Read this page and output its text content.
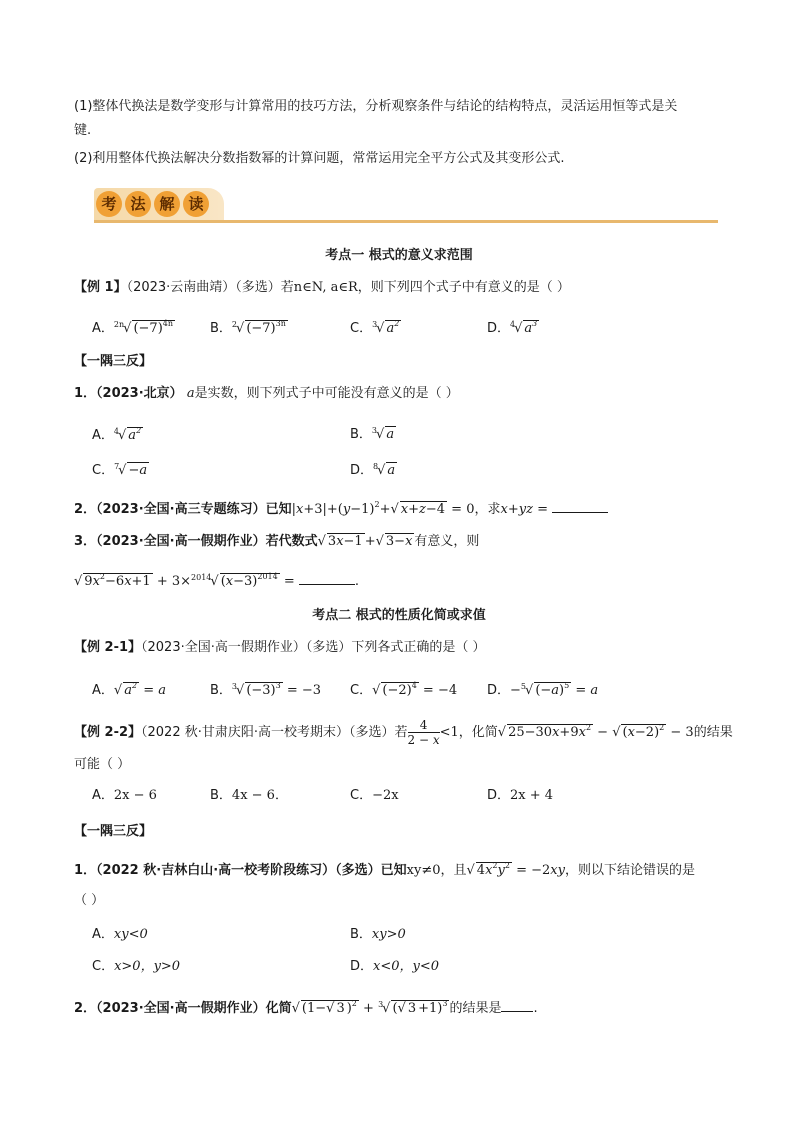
(1)整体代换法是数学变形与计算常用的技巧方法，分析观察条件与结论的结构特点，灵活运用恒等式是关
键.
(2)利用整体代换法解决分数指数幂的计算问题，常常运用完全平方公式及其变形公式.
考 法 解 读
考点一 根式的意义求范围
【例 1】（2023·云南曲靖）（多选）若n∈N, a∈R，则下列四个式子中有意义的是（ ）
A．$^{2n}$√ $(-7)^{4n}$	B．$^2$√ $(-7)^{3n}$	C．$^3$√ $a^2$	D．$^4$√ $a^3$
【一隅三反】
1．（2023·北京） a是实数，则下列式子中可能没有意义的是（ ）
A．$^4$√ $a^2$	B．$^3$√ a
C．$^7$√ −a	D．$^8$√ a
2．（2023·全国·高三专题练习）已知$|x+3|+(y-1)^2+√$ x+z−4 = 0，求x+yz =
3．（2023·全国·高一假期作业）若代数式√ 3x−1 +√ 3−x 有意义，则
√ $9x^2-6x+1 + 3\times^{2014}√$ $(x-3)^{2014}$ =	.
考点二 根式的性质化简或求值
【例 2-1】（2023·全国·高一假期作业）（多选）下列各式正确的是（ ）
A．√ $a^2 = a$	B．$^3$√ $(-3)^3 = -3$ C．√ $(-2)^4 = -4$ D．−$^5$√ $(-a)^5 = a$
【例 2-2】（2022 秋·甘肃庆阳·高一校考期末）（多选）若 $\frac{4}{2 - x} <1$，化简√ $25-30x+9x^2$ − √ $(x-2)^2 - 3$的结果
可能（ ）
A．2x − 6	B．4x − 6．	C．−2x	D．2x + 4
【一隅三反】
1．（2022 秋·吉林白山·高一校考阶段练习）（多选）已知xy≠0，且√ $4x^2y^2 = -2xy$，则以下结论错误的是
（ ）
A．xy<0	B．xy>0
C．x>0，y>0	D．x<0，y<0
2．（2023·全国·高一假期作业）化简√ (1−√ 3 )$^2$ + $^3$√ (√ 3 +1)$^3$ 的结果是 .
